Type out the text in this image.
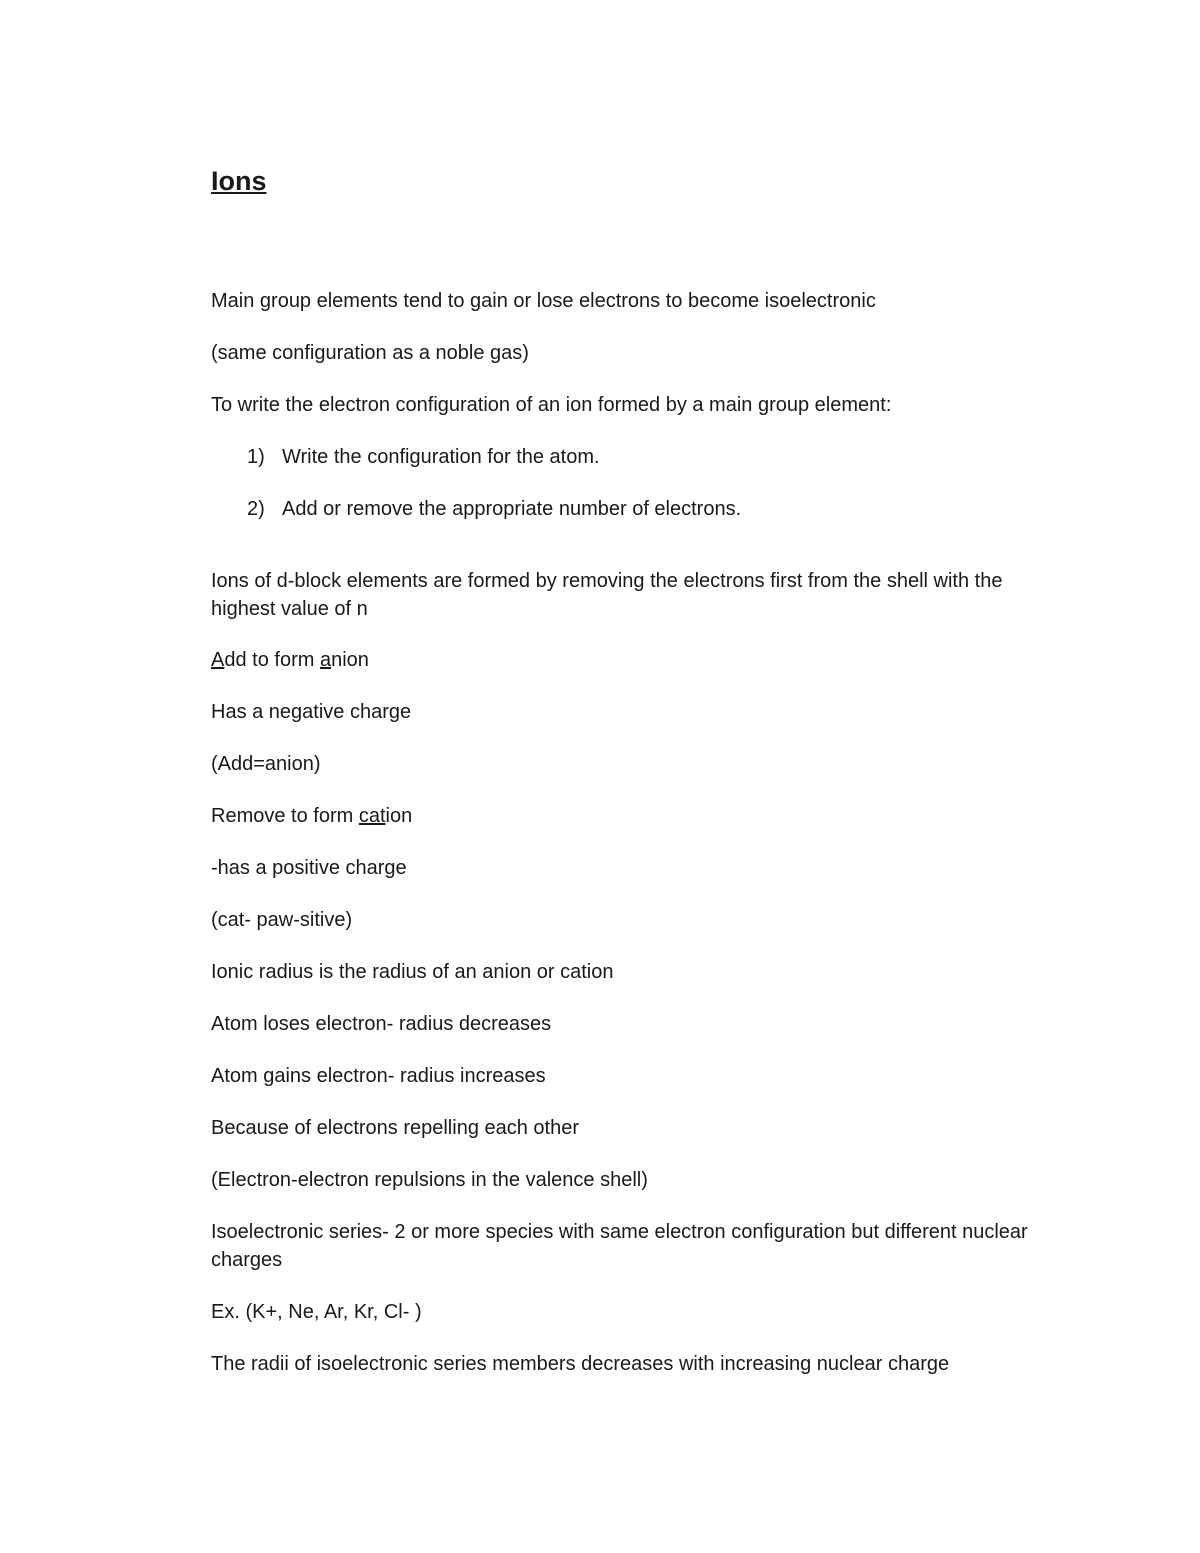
Ions

Main group elements tend to gain or lose electrons to become isoelectronic

(same configuration as a noble gas)

To write the electron configuration of an ion formed by a main group element:

1) Write the configuration for the atom.
2) Add or remove the appropriate number of electrons.

Ions of d-block elements are formed by removing the electrons first from the shell with the highest value of n

Add to form anion

Has a negative charge

(Add=anion)

Remove to form cation

-has a positive charge

(cat- paw-sitive)

Ionic radius is the radius of an anion or cation

Atom loses electron- radius decreases

Atom gains electron- radius increases

Because of electrons repelling each other

(Electron-electron repulsions in the valence shell)

Isoelectronic series- 2 or more species with same electron configuration but different nuclear charges

Ex. (K+, Ne, Ar, Kr, Cl- )

The radii of isoelectronic series members decreases with increasing nuclear charge
